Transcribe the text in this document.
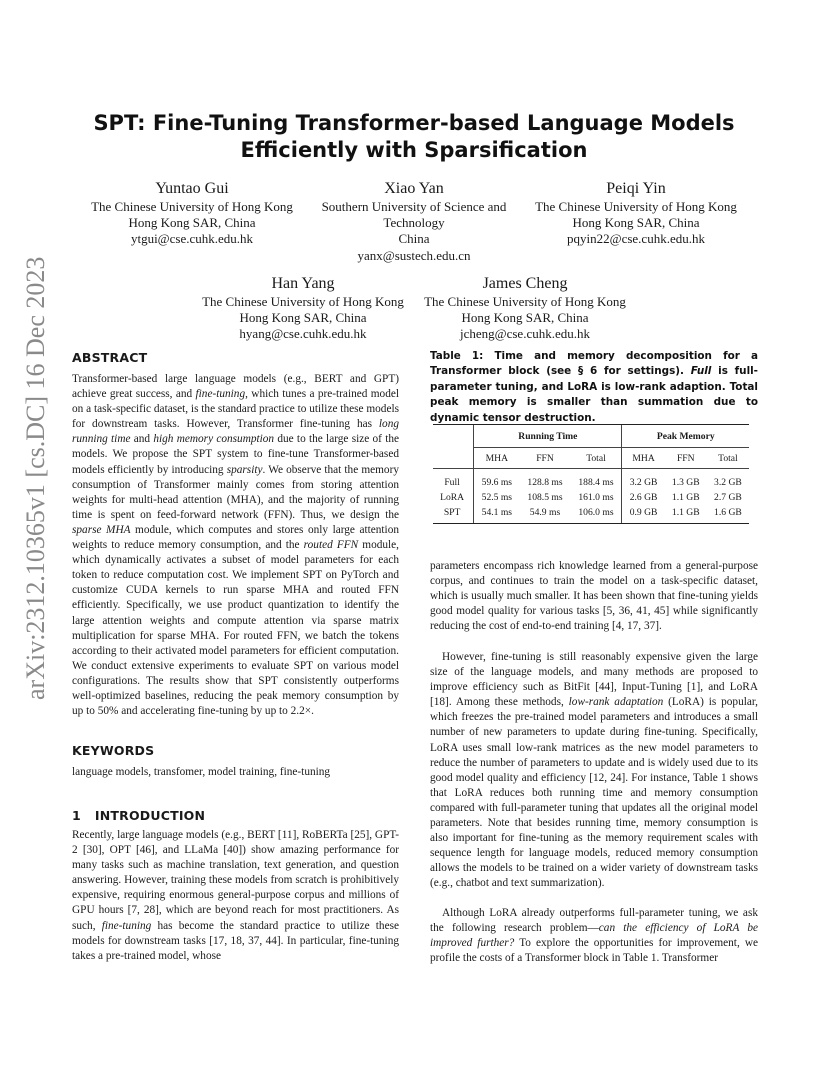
arXiv:2312.10365v1 [cs.DC] 16 Dec 2023
SPT: Fine-Tuning Transformer-based Language Models Efficiently with Sparsification
Yuntao Gui
The Chinese University of Hong Kong
Hong Kong SAR, China
ytgui@cse.cuhk.edu.hk
Xiao Yan
Southern University of Science and
Technology
China
yanx@sustech.edu.cn
Peiqi Yin
The Chinese University of Hong Kong
Hong Kong SAR, China
pqyin22@cse.cuhk.edu.hk
Han Yang
The Chinese University of Hong Kong
Hong Kong SAR, China
hyang@cse.cuhk.edu.hk
James Cheng
The Chinese University of Hong Kong
Hong Kong SAR, China
jcheng@cse.cuhk.edu.hk
ABSTRACT

Transformer-based large language models (e.g., BERT and GPT) achieve great success, and fine-tuning, which tunes a pre-trained model on a task-specific dataset, is the standard practice to utilize these models for downstream tasks. However, Transformer fine-tuning has long running time and high memory consumption due to the large size of the models. We propose the SPT system to fine-tune Transformer-based models efficiently by introducing sparsity. We observe that the memory consumption of Transformer mainly comes from storing attention weights for multi-head attention (MHA), and the majority of running time is spent on feed-forward network (FFN). Thus, we design the sparse MHA module, which computes and stores only large attention weights to reduce memory consumption, and the routed FFN module, which dynamically activates a subset of model parameters for each token to reduce computation cost. We implement SPT on PyTorch and customize CUDA kernels to run sparse MHA and routed FFN efficiently. Specifically, we use product quantization to identify the large attention weights and compute attention via sparse matrix multiplication for sparse MHA. For routed FFN, we batch the tokens according to their activated model parameters for efficient computation. We conduct extensive experiments to evaluate SPT on various model configurations. The results show that SPT consistently outperforms well-optimized baselines, reducing the peak memory consumption by up to 50% and accelerating fine-tuning by up to 2.2×.

KEYWORDS

language models, transfomer, model training, fine-tuning

1 INTRODUCTION

Recently, large language models (e.g., BERT [11], RoBERTa [25], GPT-2 [30], OPT [46], and LLaMa [40]) show amazing performance for many tasks such as machine translation, text generation, and question answering. However, training these models from scratch is prohibitively expensive, requiring enormous general-purpose corpus and millions of GPU hours [7, 28], which are beyond reach for most practitioners. As such, fine-tuning has become the standard practice to utilize these models for downstream tasks [17, 18, 37, 44]. In particular, fine-tuning takes a pre-trained model, whose

Table 1: Time and memory decomposition for a Transformer block (see § 6 for settings). Full is full-parameter tuning, and LoRA is low-rank adaption. Total peak memory is smaller than summation due to dynamic tensor destruction.

	Running Time			Peak Memory		
	MHA	FFN	Total	MHA	FFN	Total
Full	59.6 ms	128.8 ms	188.4 ms	3.2 GB	1.3 GB	3.2 GB
LoRA	52.5 ms	108.5 ms	161.0 ms	2.6 GB	1.1 GB	2.7 GB
SPT	54.1 ms	54.9 ms	106.0 ms	0.9 GB	1.1 GB	1.6 GB

parameters encompass rich knowledge learned from a general-purpose corpus, and continues to train the model on a task-specific dataset, which is usually much smaller. It has been shown that fine-tuning yields good model quality for various tasks [5, 36, 41, 45] while significantly reducing the cost of end-to-end training [4, 17, 37].

However, fine-tuning is still reasonably expensive given the large size of the language models, and many methods are proposed to improve efficiency such as BitFit [44], Input-Tuning [1], and LoRA [18]. Among these methods, low-rank adaptation (LoRA) is popular, which freezes the pre-trained model parameters and introduces a small number of new parameters to update during fine-tuning. Specifically, LoRA uses small low-rank matrices as the new model parameters to reduce the number of parameters to update and is widely used due to its good model quality and efficiency [12, 24]. For instance, Table 1 shows that LoRA reduces both running time and memory consumption compared with full-parameter tuning that updates all the original model parameters. Note that besides running time, memory consumption is also important for fine-tuning as the memory requirement scales with sequence length for language models, reduced memory consumption allows the models to be trained on a wider variety of downstream tasks (e.g., chatbot and text summarization).

Although LoRA already outperforms full-parameter tuning, we ask the following research problem—can the efficiency of LoRA be improved further? To explore the opportunities for improvement, we profile the costs of a Transformer block in Table 1. Transformer
